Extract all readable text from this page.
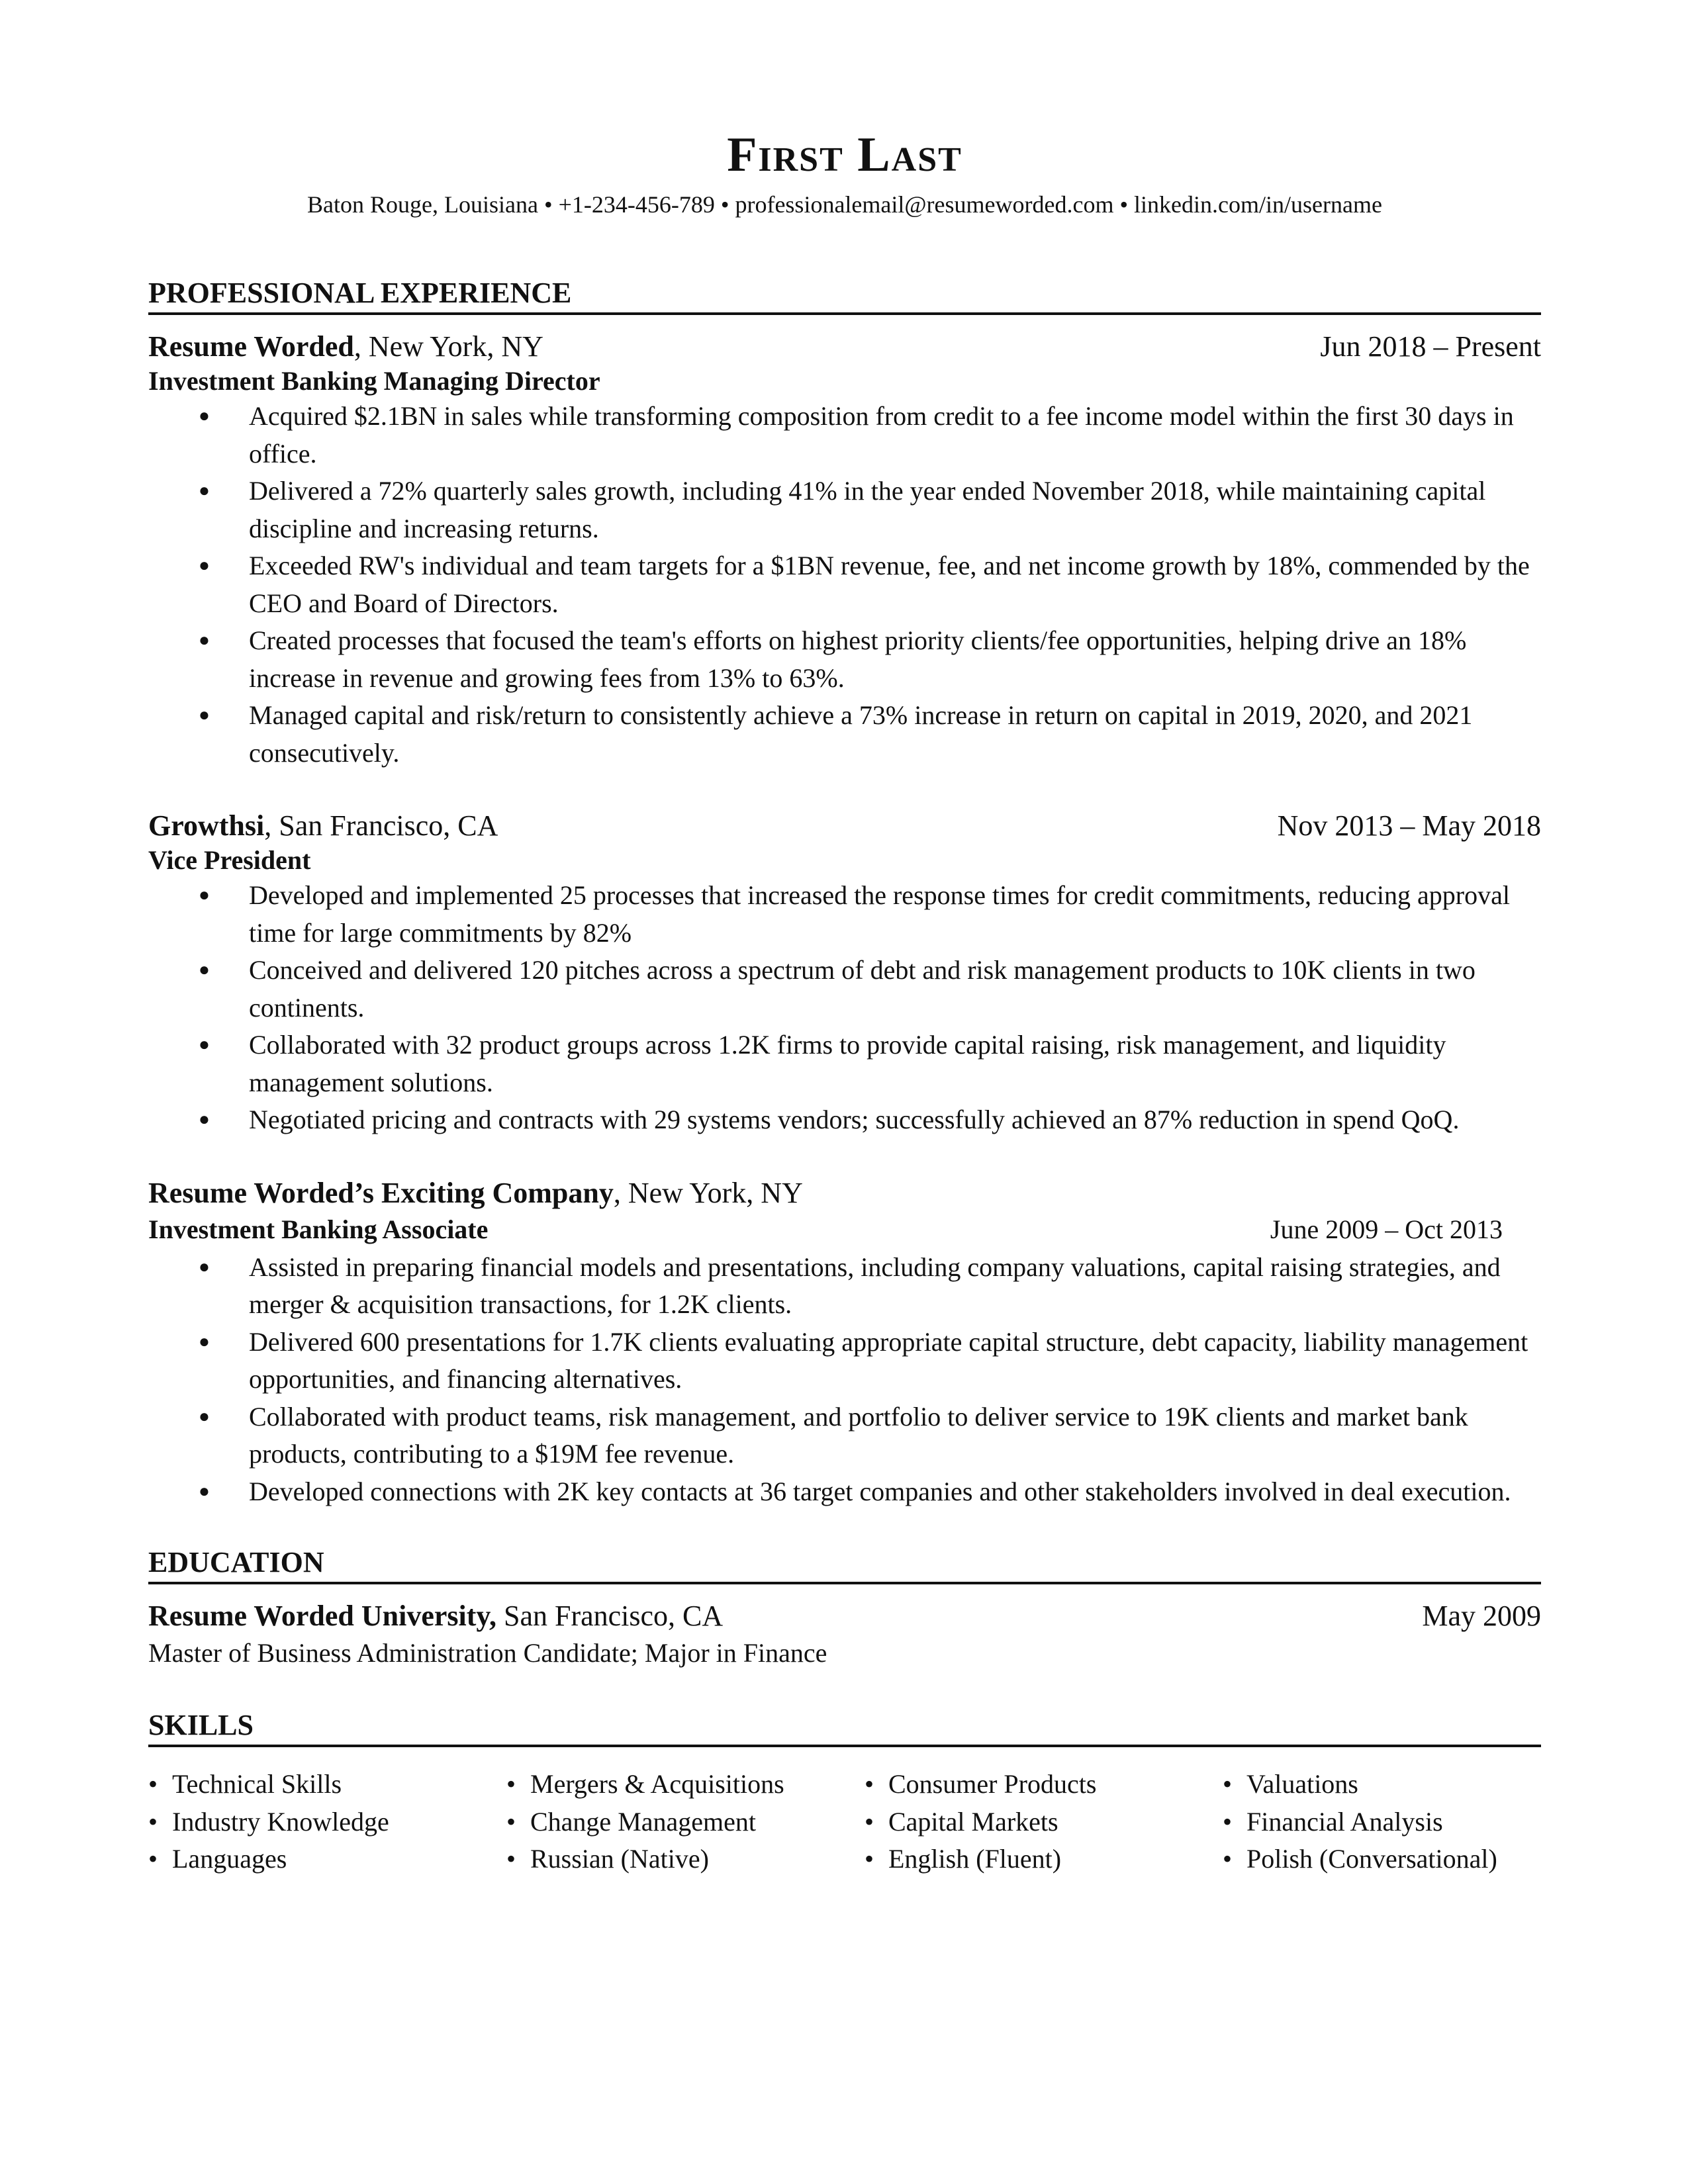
First Last
Baton Rouge, Louisiana • +1-234-456-789 • professionalemail@resumeworded.com • linkedin.com/in/username
PROFESSIONAL EXPERIENCE
Resume Worded, New York, NY	Jun 2018 – Present
Investment Banking Managing Director
● Acquired $2.1BN in sales while transforming composition from credit to a fee income model within the first 30 days in office.
● Delivered a 72% quarterly sales growth, including 41% in the year ended November 2018, while maintaining capital discipline and increasing returns.
● Exceeded RW's individual and team targets for a $1BN revenue, fee, and net income growth by 18%, commended by the CEO and Board of Directors.
● Created processes that focused the team's efforts on highest priority clients/fee opportunities, helping drive an 18% increase in revenue and growing fees from 13% to 63%.
● Managed capital and risk/return to consistently achieve a 73% increase in return on capital in 2019, 2020, and 2021 consecutively.
Growthsi, San Francisco, CA	Nov 2013 – May 2018
Vice President
● Developed and implemented 25 processes that increased the response times for credit commitments, reducing approval time for large commitments by 82%
● Conceived and delivered 120 pitches across a spectrum of debt and risk management products to 10K clients in two continents.
● Collaborated with 32 product groups across 1.2K firms to provide capital raising, risk management, and liquidity management solutions.
● Negotiated pricing and contracts with 29 systems vendors; successfully achieved an 87% reduction in spend QoQ.
Resume Worded’s Exciting Company, New York, NY
Investment Banking Associate	June 2009 – Oct 2013
● Assisted in preparing financial models and presentations, including company valuations, capital raising strategies, and merger & acquisition transactions, for 1.2K clients.
● Delivered 600 presentations for 1.7K clients evaluating appropriate capital structure, debt capacity, liability management opportunities, and financing alternatives.
● Collaborated with product teams, risk management, and portfolio to deliver service to 19K clients and market bank products, contributing to a $19M fee revenue.
● Developed connections with 2K key contacts at 36 target companies and other stakeholders involved in deal execution.
EDUCATION
Resume Worded University, San Francisco, CA	May 2009
Master of Business Administration Candidate; Major in Finance
SKILLS
• Technical Skills	• Mergers & Acquisitions	• Consumer Products	• Valuations
• Industry Knowledge	• Change Management	• Capital Markets	• Financial Analysis
• Languages	• Russian (Native)	• English (Fluent)	• Polish (Conversational)
